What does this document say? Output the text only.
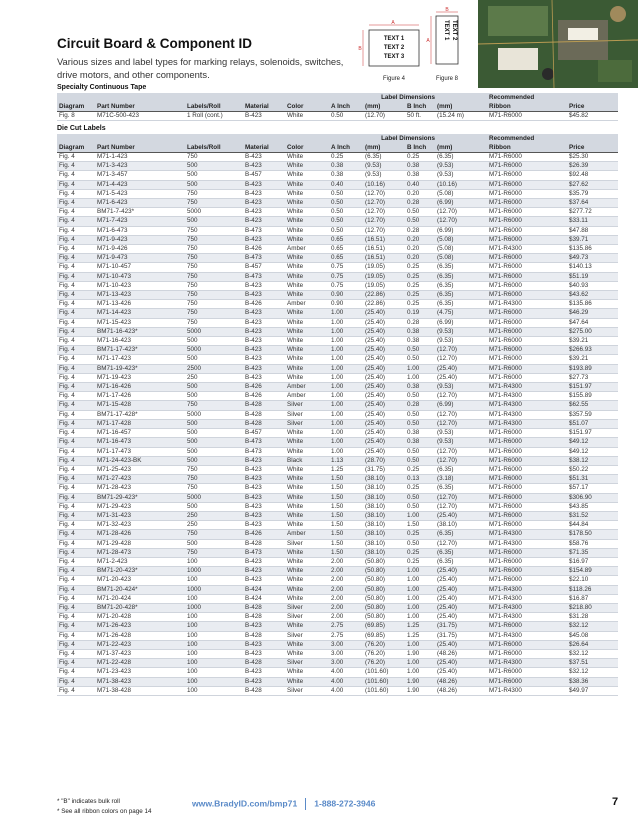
Circuit Board & Component ID
Various sizes and label types for marking relays, solenoids, switches, drive motors, and other components.
A
B
TEXT 1
TEXT 2
TEXT 3
Figure 4
B
A
TEXT 1 TEXT 2
Figure 8
Specialty Continuous Tape
					Label Dimensions				Recommended	
Diagram	Part Number	Labels/Roll	Material	Color	A Inch	(mm)	B Inch	(mm)	Ribbon	Price
Fig. 8	M71C-500-423	1 Roll (cont.)	B-423	White	0.50	(12.70)	50 ft.	(15.24 m)	M71-R6000	$45.82
Die Cut Labels
					Label Dimensions				Recommended	
Diagram	Part Number	Labels/Roll	Material	Color	A Inch	(mm)	B Inch	(mm)	Ribbon	Price
Fig. 4	M71-1-423	750	B-423	White	0.25	(6.35)	0.25	(6.35)	M71-R6000	$25.30
Fig. 4	M71-3-423	500	B-423	White	0.38	(9.53)	0.38	(9.53)	M71-R6000	$26.39
Fig. 4	M71-3-457	500	B-457	White	0.38	(9.53)	0.38	(9.53)	M71-R6000	$92.48
Fig. 4	M71-4-423	500	B-423	White	0.40	(10.16)	0.40	(10.16)	M71-R6000	$27.62
Fig. 4	M71-5-423	750	B-423	White	0.50	(12.70)	0.20	(5.08)	M71-R6000	$35.79
Fig. 4	M71-6-423	750	B-423	White	0.50	(12.70)	0.28	(6.99)	M71-R6000	$37.64
Fig. 4	BM71-7-423*	5000	B-423	White	0.50	(12.70)	0.50	(12.70)	M71-R6000	$277.72
Fig. 4	M71-7-423	500	B-423	White	0.50	(12.70)	0.50	(12.70)	M71-R6000	$33.11
Fig. 4	M71-6-473	750	B-473	White	0.50	(12.70)	0.28	(6.99)	M71-R6000	$47.88
Fig. 4	M71-9-423	750	B-423	White	0.65	(16.51)	0.20	(5.08)	M71-R6000	$39.71
Fig. 4	M71-9-426	750	B-426	Amber	0.65	(16.51)	0.20	(5.08)	M71-R4300	$135.86
Fig. 4	M71-9-473	750	B-473	White	0.65	(16.51)	0.20	(5.08)	M71-R6000	$49.73
Fig. 4	M71-10-457	750	B-457	White	0.75	(19.05)	0.25	(6.35)	M71-R6000	$140.13
Fig. 4	M71-10-473	750	B-473	White	0.75	(19.05)	0.25	(6.35)	M71-R6000	$51.19
Fig. 4	M71-10-423	750	B-423	White	0.75	(19.05)	0.25	(6.35)	M71-R6000	$40.93
Fig. 4	M71-13-423	750	B-423	White	0.90	(22.86)	0.25	(6.35)	M71-R6000	$43.62
Fig. 4	M71-13-426	750	B-426	Amber	0.90	(22.86)	0.25	(6.35)	M71-R4300	$135.86
Fig. 4	M71-14-423	750	B-423	White	1.00	(25.40)	0.19	(4.75)	M71-R6000	$46.29
Fig. 4	M71-15-423	750	B-423	White	1.00	(25.40)	0.28	(6.99)	M71-R6000	$47.64
Fig. 4	BM71-16-423*	5000	B-423	White	1.00	(25.40)	0.38	(9.53)	M71-R6000	$275.00
Fig. 4	M71-16-423	500	B-423	White	1.00	(25.40)	0.38	(9.53)	M71-R6000	$39.21
Fig. 4	BM71-17-423*	5000	B-423	White	1.00	(25.40)	0.50	(12.70)	M71-R6000	$266.93
Fig. 4	M71-17-423	500	B-423	White	1.00	(25.40)	0.50	(12.70)	M71-R6000	$39.21
Fig. 4	BM71-19-423*	2500	B-423	White	1.00	(25.40)	1.00	(25.40)	M71-R6000	$193.89
Fig. 4	M71-19-423	250	B-423	White	1.00	(25.40)	1.00	(25.40)	M71-R6000	$27.73
Fig. 4	M71-16-426	500	B-426	Amber	1.00	(25.40)	0.38	(9.53)	M71-R4300	$151.97
Fig. 4	M71-17-426	500	B-426	Amber	1.00	(25.40)	0.50	(12.70)	M71-R4300	$155.89
Fig. 4	M71-15-428	750	B-428	Silver	1.00	(25.40)	0.28	(6.99)	M71-R4300	$62.55
Fig. 4	BM71-17-428*	5000	B-428	Silver	1.00	(25.40)	0.50	(12.70)	M71-R4300	$357.59
Fig. 4	M71-17-428	500	B-428	Silver	1.00	(25.40)	0.50	(12.70)	M71-R4300	$51.07
Fig. 4	M71-16-457	500	B-457	White	1.00	(25.40)	0.38	(9.53)	M71-R6000	$151.97
Fig. 4	M71-16-473	500	B-473	White	1.00	(25.40)	0.38	(9.53)	M71-R6000	$49.12
Fig. 4	M71-17-473	500	B-473	White	1.00	(25.40)	0.50	(12.70)	M71-R6000	$49.12
Fig. 4	M71-24-423-BK	500	B-423	Black	1.13	(28.70)	0.50	(12.70)	M71-R6000	$38.12
Fig. 4	M71-25-423	750	B-423	White	1.25	(31.75)	0.25	(6.35)	M71-R6000	$50.22
Fig. 4	M71-27-423	750	B-423	White	1.50	(38.10)	0.13	(3.18)	M71-R6000	$51.31
Fig. 4	M71-28-423	750	B-423	White	1.50	(38.10)	0.25	(6.35)	M71-R6000	$57.17
Fig. 4	BM71-29-423*	5000	B-423	White	1.50	(38.10)	0.50	(12.70)	M71-R6000	$306.90
Fig. 4	M71-29-423	500	B-423	White	1.50	(38.10)	0.50	(12.70)	M71-R6000	$43.85
Fig. 4	M71-31-423	250	B-423	White	1.50	(38.10)	1.00	(25.40)	M71-R6000	$31.52
Fig. 4	M71-32-423	250	B-423	White	1.50	(38.10)	1.50	(38.10)	M71-R6000	$44.84
Fig. 4	M71-28-426	750	B-426	Amber	1.50	(38.10)	0.25	(6.35)	M71-R4300	$178.50
Fig. 4	M71-29-428	500	B-428	Silver	1.50	(38.10)	0.50	(12.70)	M71-R4300	$58.76
Fig. 4	M71-28-473	750	B-473	White	1.50	(38.10)	0.25	(6.35)	M71-R6000	$71.35
Fig. 4	M71-2-423	100	B-423	White	2.00	(50.80)	0.25	(6.35)	M71-R6000	$16.97
Fig. 4	BM71-20-423*	1000	B-423	White	2.00	(50.80)	1.00	(25.40)	M71-R6000	$154.89
Fig. 4	M71-20-423	100	B-423	White	2.00	(50.80)	1.00	(25.40)	M71-R6000	$22.10
Fig. 4	BM71-20-424*	1000	B-424	White	2.00	(50.80)	1.00	(25.40)	M71-R4300	$118.26
Fig. 4	M71-20-424	100	B-424	White	2.00	(50.80)	1.00	(25.40)	M71-R4300	$16.87
Fig. 4	BM71-20-428*	1000	B-428	Silver	2.00	(50.80)	1.00	(25.40)	M71-R4300	$218.80
Fig. 4	M71-20-428	100	B-428	Silver	2.00	(50.80)	1.00	(25.40)	M71-R4300	$31.28
Fig. 4	M71-26-423	100	B-423	White	2.75	(69.85)	1.25	(31.75)	M71-R6000	$32.12
Fig. 4	M71-26-428	100	B-428	Silver	2.75	(69.85)	1.25	(31.75)	M71-R4300	$45.08
Fig. 4	M71-22-423	100	B-423	White	3.00	(76.20)	1.00	(25.40)	M71-R6000	$26.64
Fig. 4	M71-37-423	100	B-423	White	3.00	(76.20)	1.90	(48.26)	M71-R6000	$32.12
Fig. 4	M71-22-428	100	B-428	Silver	3.00	(76.20)	1.00	(25.40)	M71-R4300	$37.51
Fig. 4	M71-23-423	100	B-423	White	4.00	(101.60)	1.00	(25.40)	M71-R6000	$32.12
Fig. 4	M71-38-423	100	B-423	White	4.00	(101.60)	1.90	(48.26)	M71-R6000	$38.36
Fig. 4	M71-38-428	100	B-428	Silver	4.00	(101.60)	1.90	(48.26)	M71-R4300	$49.97
* "B" indicates bulk roll
* See all ribbon colors on page 14
www.BradyID.com/bmp71 1-888-272-3946	7
